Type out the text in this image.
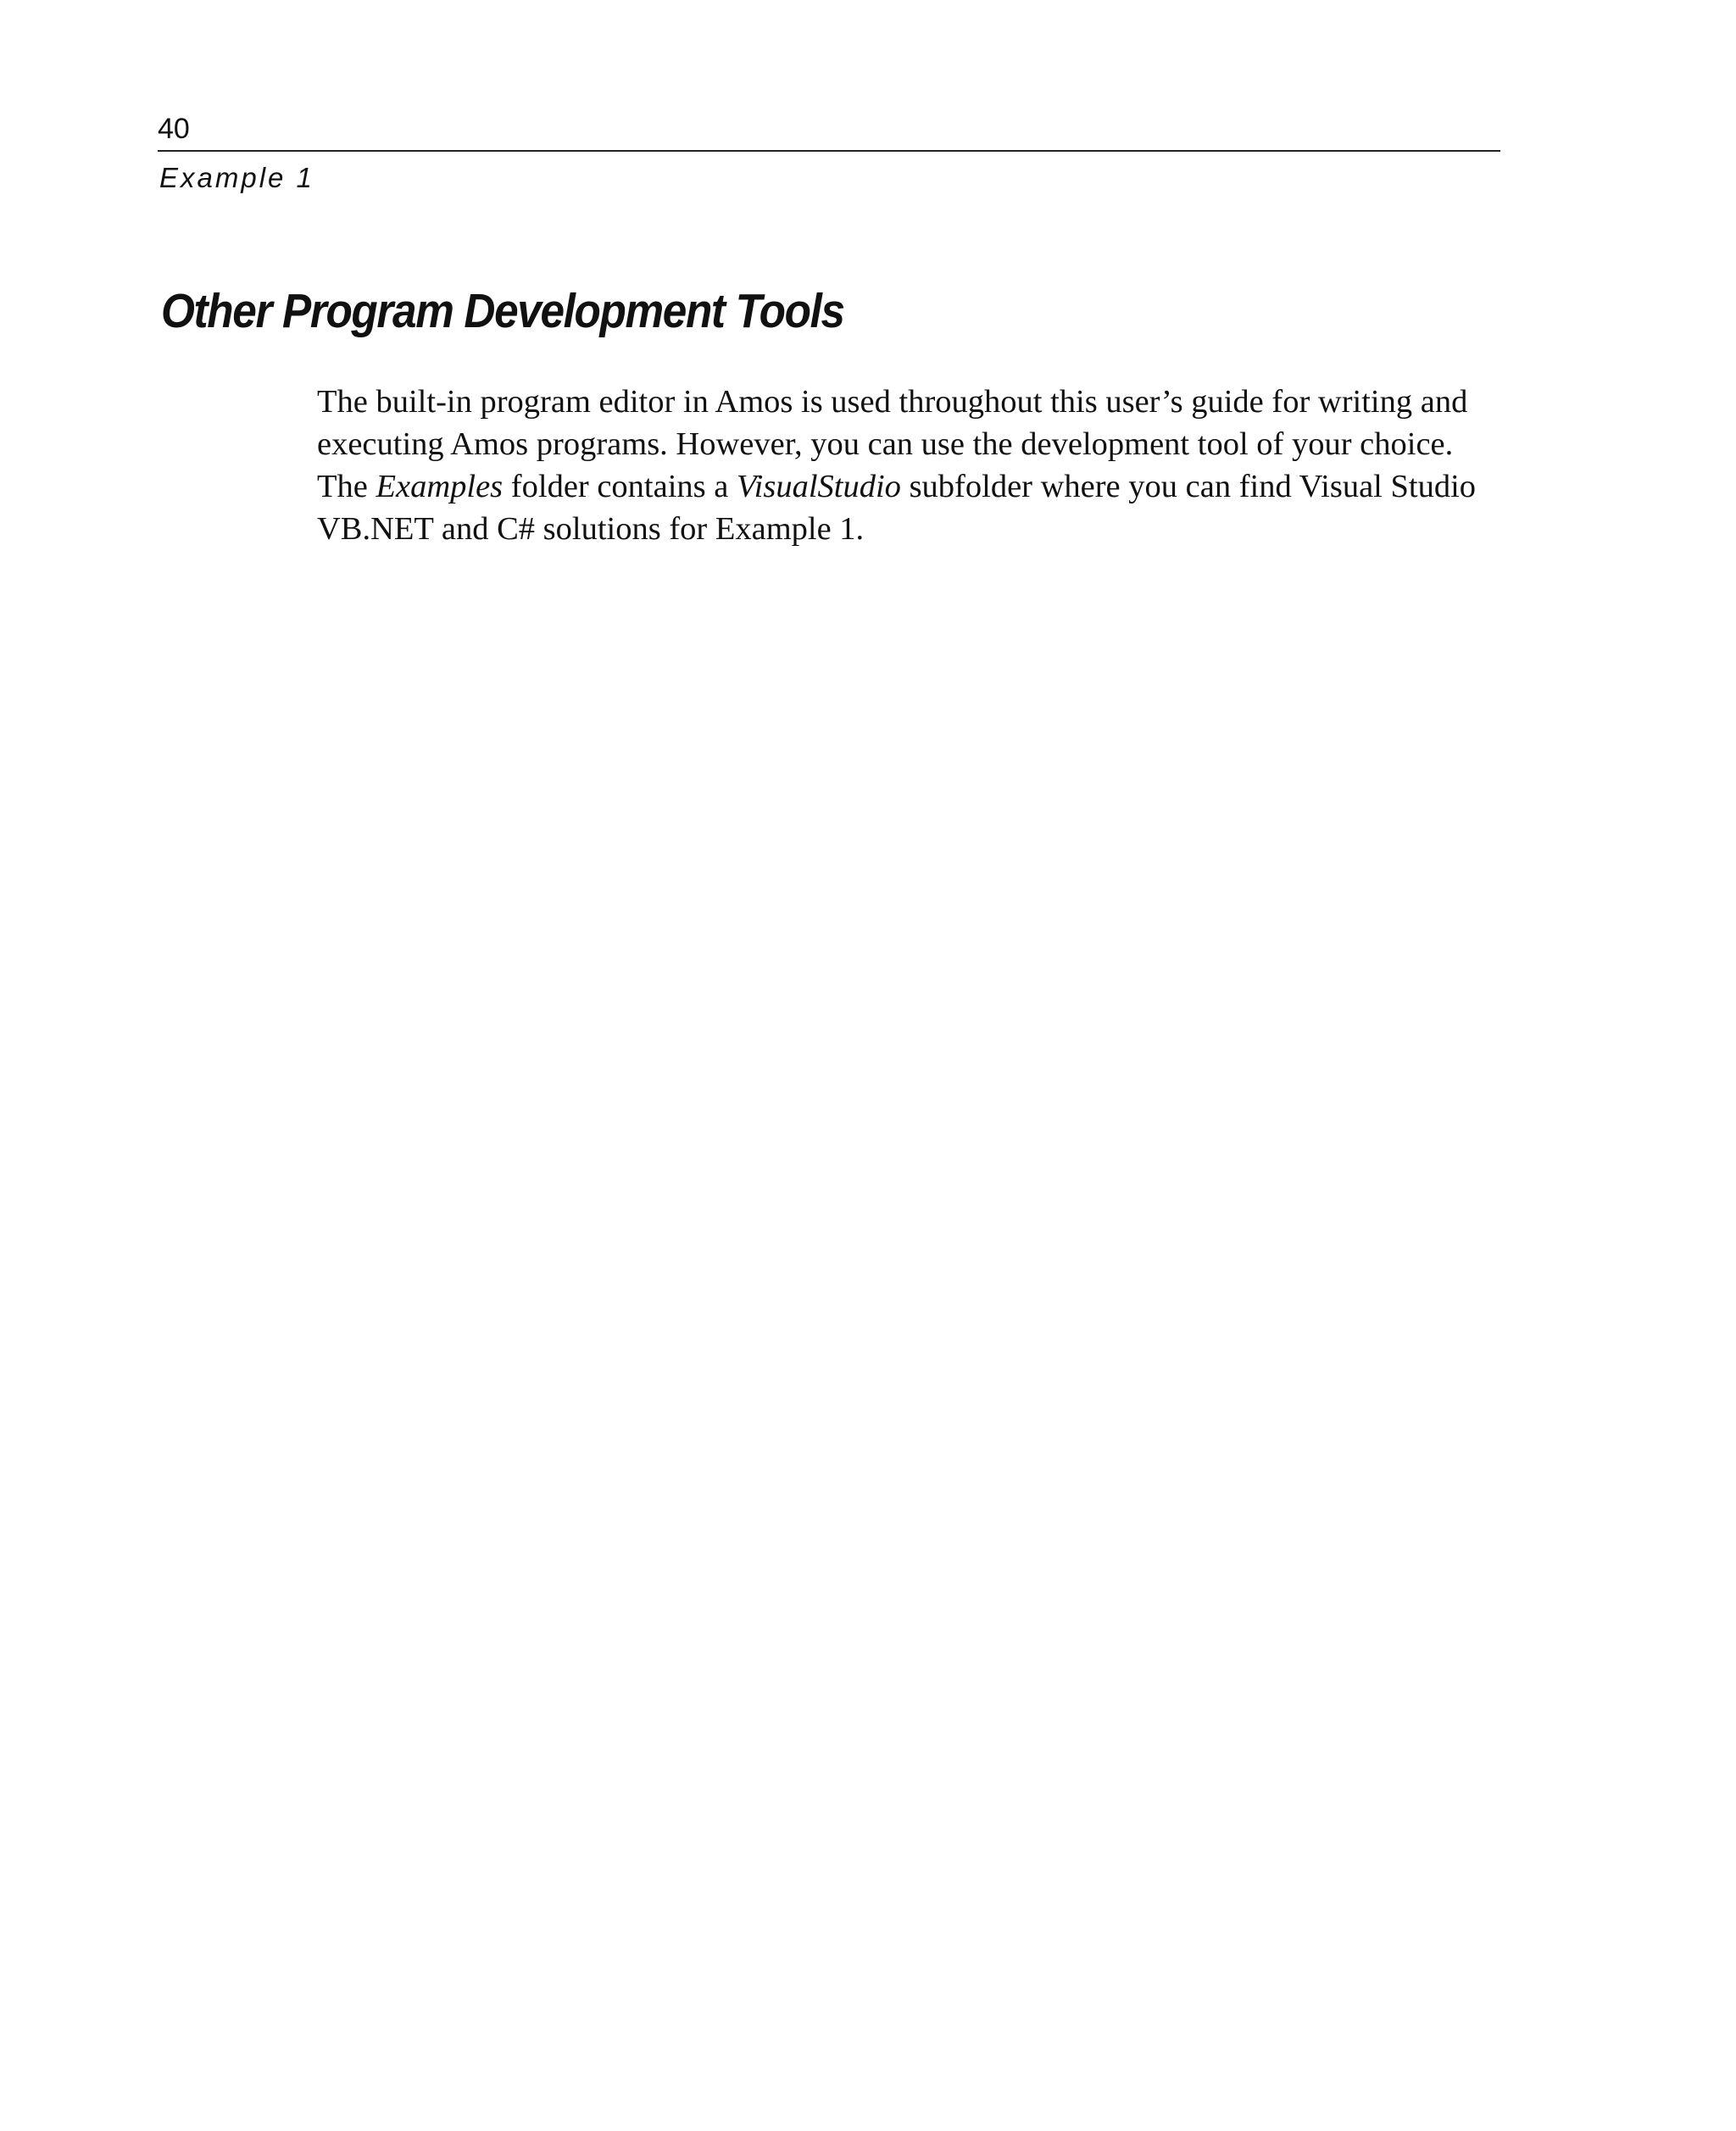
40
Example 1
Other Program Development Tools

The built-in program editor in Amos is used throughout this user’s guide for writing and executing Amos programs. However, you can use the development tool of your choice. The Examples folder contains a VisualStudio subfolder where you can find Visual Studio VB.NET and C# solutions for Example 1.
